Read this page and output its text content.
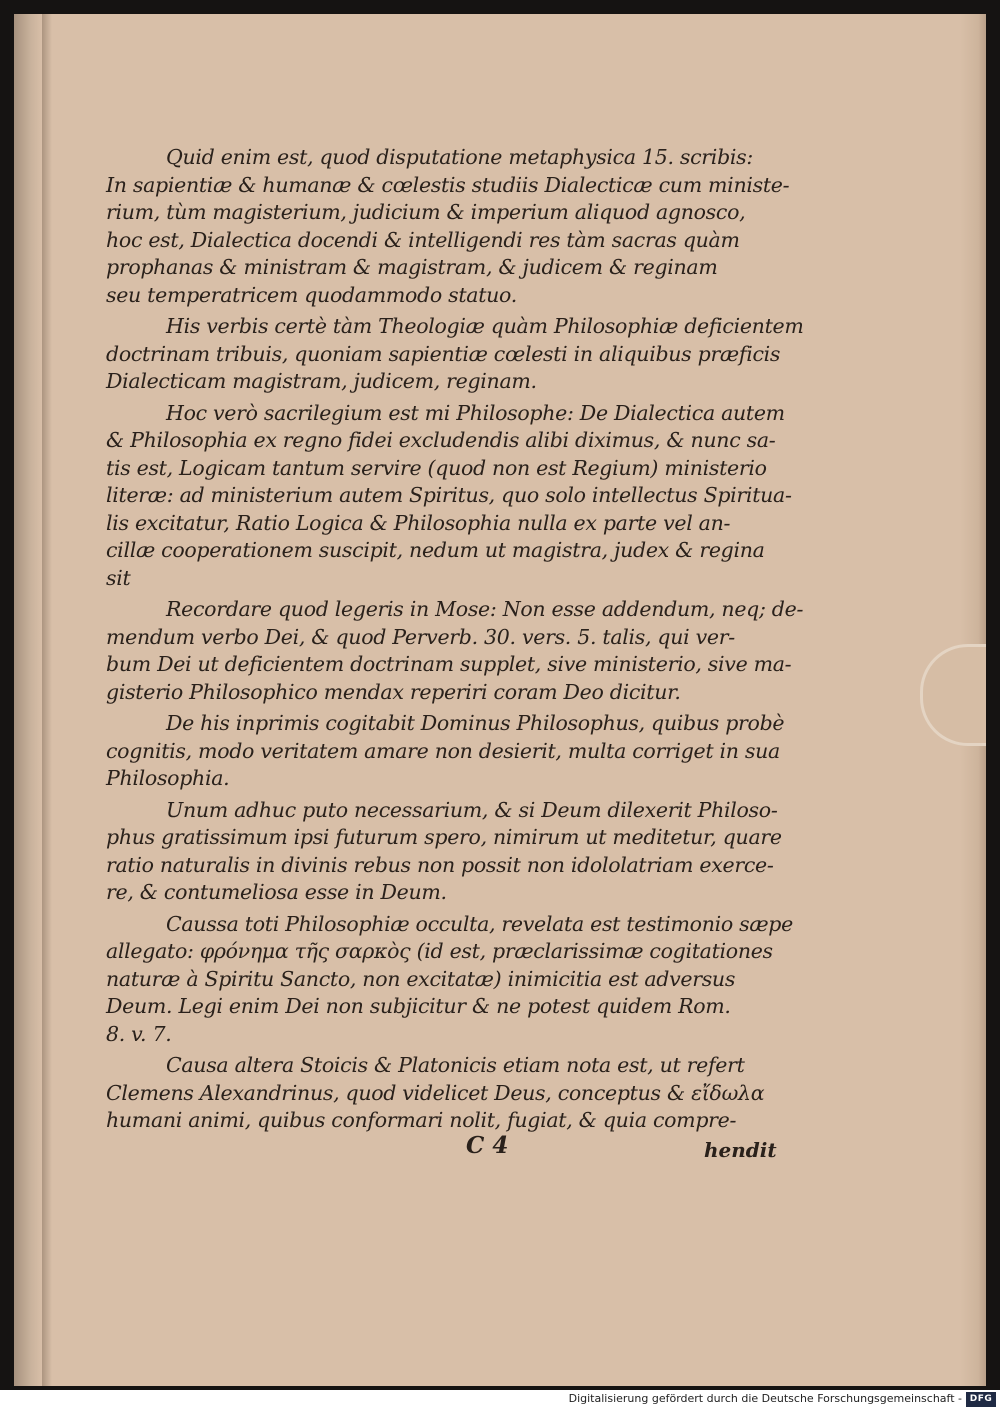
Quid enim est, quod disputatione metaphysica 15. scribis:
In sapientiæ & humanæ & cœlestis studiis Dialecticæ cum ministe-
rium, tùm magisterium, judicium & imperium aliquod agnosco,
hoc est, Dialectica docendi & intelligendi res tàm sacras quàm
prophanas & ministram & magistram, & judicem & reginam
seu temperatricem quodammodo statuo.
His verbis certè tàm Theologiæ quàm Philosophiæ deficientem
doctrinam tribuis, quoniam sapientiæ cœlesti in aliquibus præficis
Dialecticam magistram, judicem, reginam.
Hoc verò sacrilegium est mi Philosophe: De Dialectica autem
& Philosophia ex regno fidei excludendis alibi diximus, & nunc sa-
tis est, Logicam tantum servire (quod non est Regium) ministerio
literæ: ad ministerium autem Spiritus, quo solo intellectus Spiritua-
lis excitatur, Ratio Logica & Philosophia nulla ex parte vel an-
cillæ cooperationem suscipit, nedum ut magistra, judex & regina
sit
Recordare quod legeris in Mose: Non esse addendum, neq; de-
mendum verbo Dei, & quod Perverb. 30. vers. 5. talis, qui ver-
bum Dei ut deficientem doctrinam supplet, sive ministerio, sive ma-
gisterio Philosophico mendax reperiri coram Deo dicitur.
De his inprimis cogitabit Dominus Philosophus, quibus probè
cognitis, modo veritatem amare non desierit, multa corriget in sua
Philosophia.
Unum adhuc puto necessarium, & si Deum dilexerit Philoso-
phus gratissimum ipsi futurum spero, nimirum ut meditetur, quare
ratio naturalis in divinis rebus non possit non idololatriam exerce-
re, & contumeliosa esse in Deum.
Caussa toti Philosophiæ occulta, revelata est testimonio sæpe
allegato: φρόνημα τῆς σαρκὸς (id est, præclarissimæ cogitationes
naturæ à Spiritu Sancto, non excitatæ) inimicitia est adversus
Deum. Legi enim Dei non subjicitur & ne potest quidem Rom.
8. v. 7.
Causa altera Stoicis & Platonicis etiam nota est, ut refert
Clemens Alexandrinus, quod videlicet Deus, conceptus & εἴδωλα
humani animi, quibus conformari nolit, fugiat, & quia compre-
C 4	hendit
Digitalisierung gefördert durch die Deutsche Forschungsgemeinschaft - DFG
